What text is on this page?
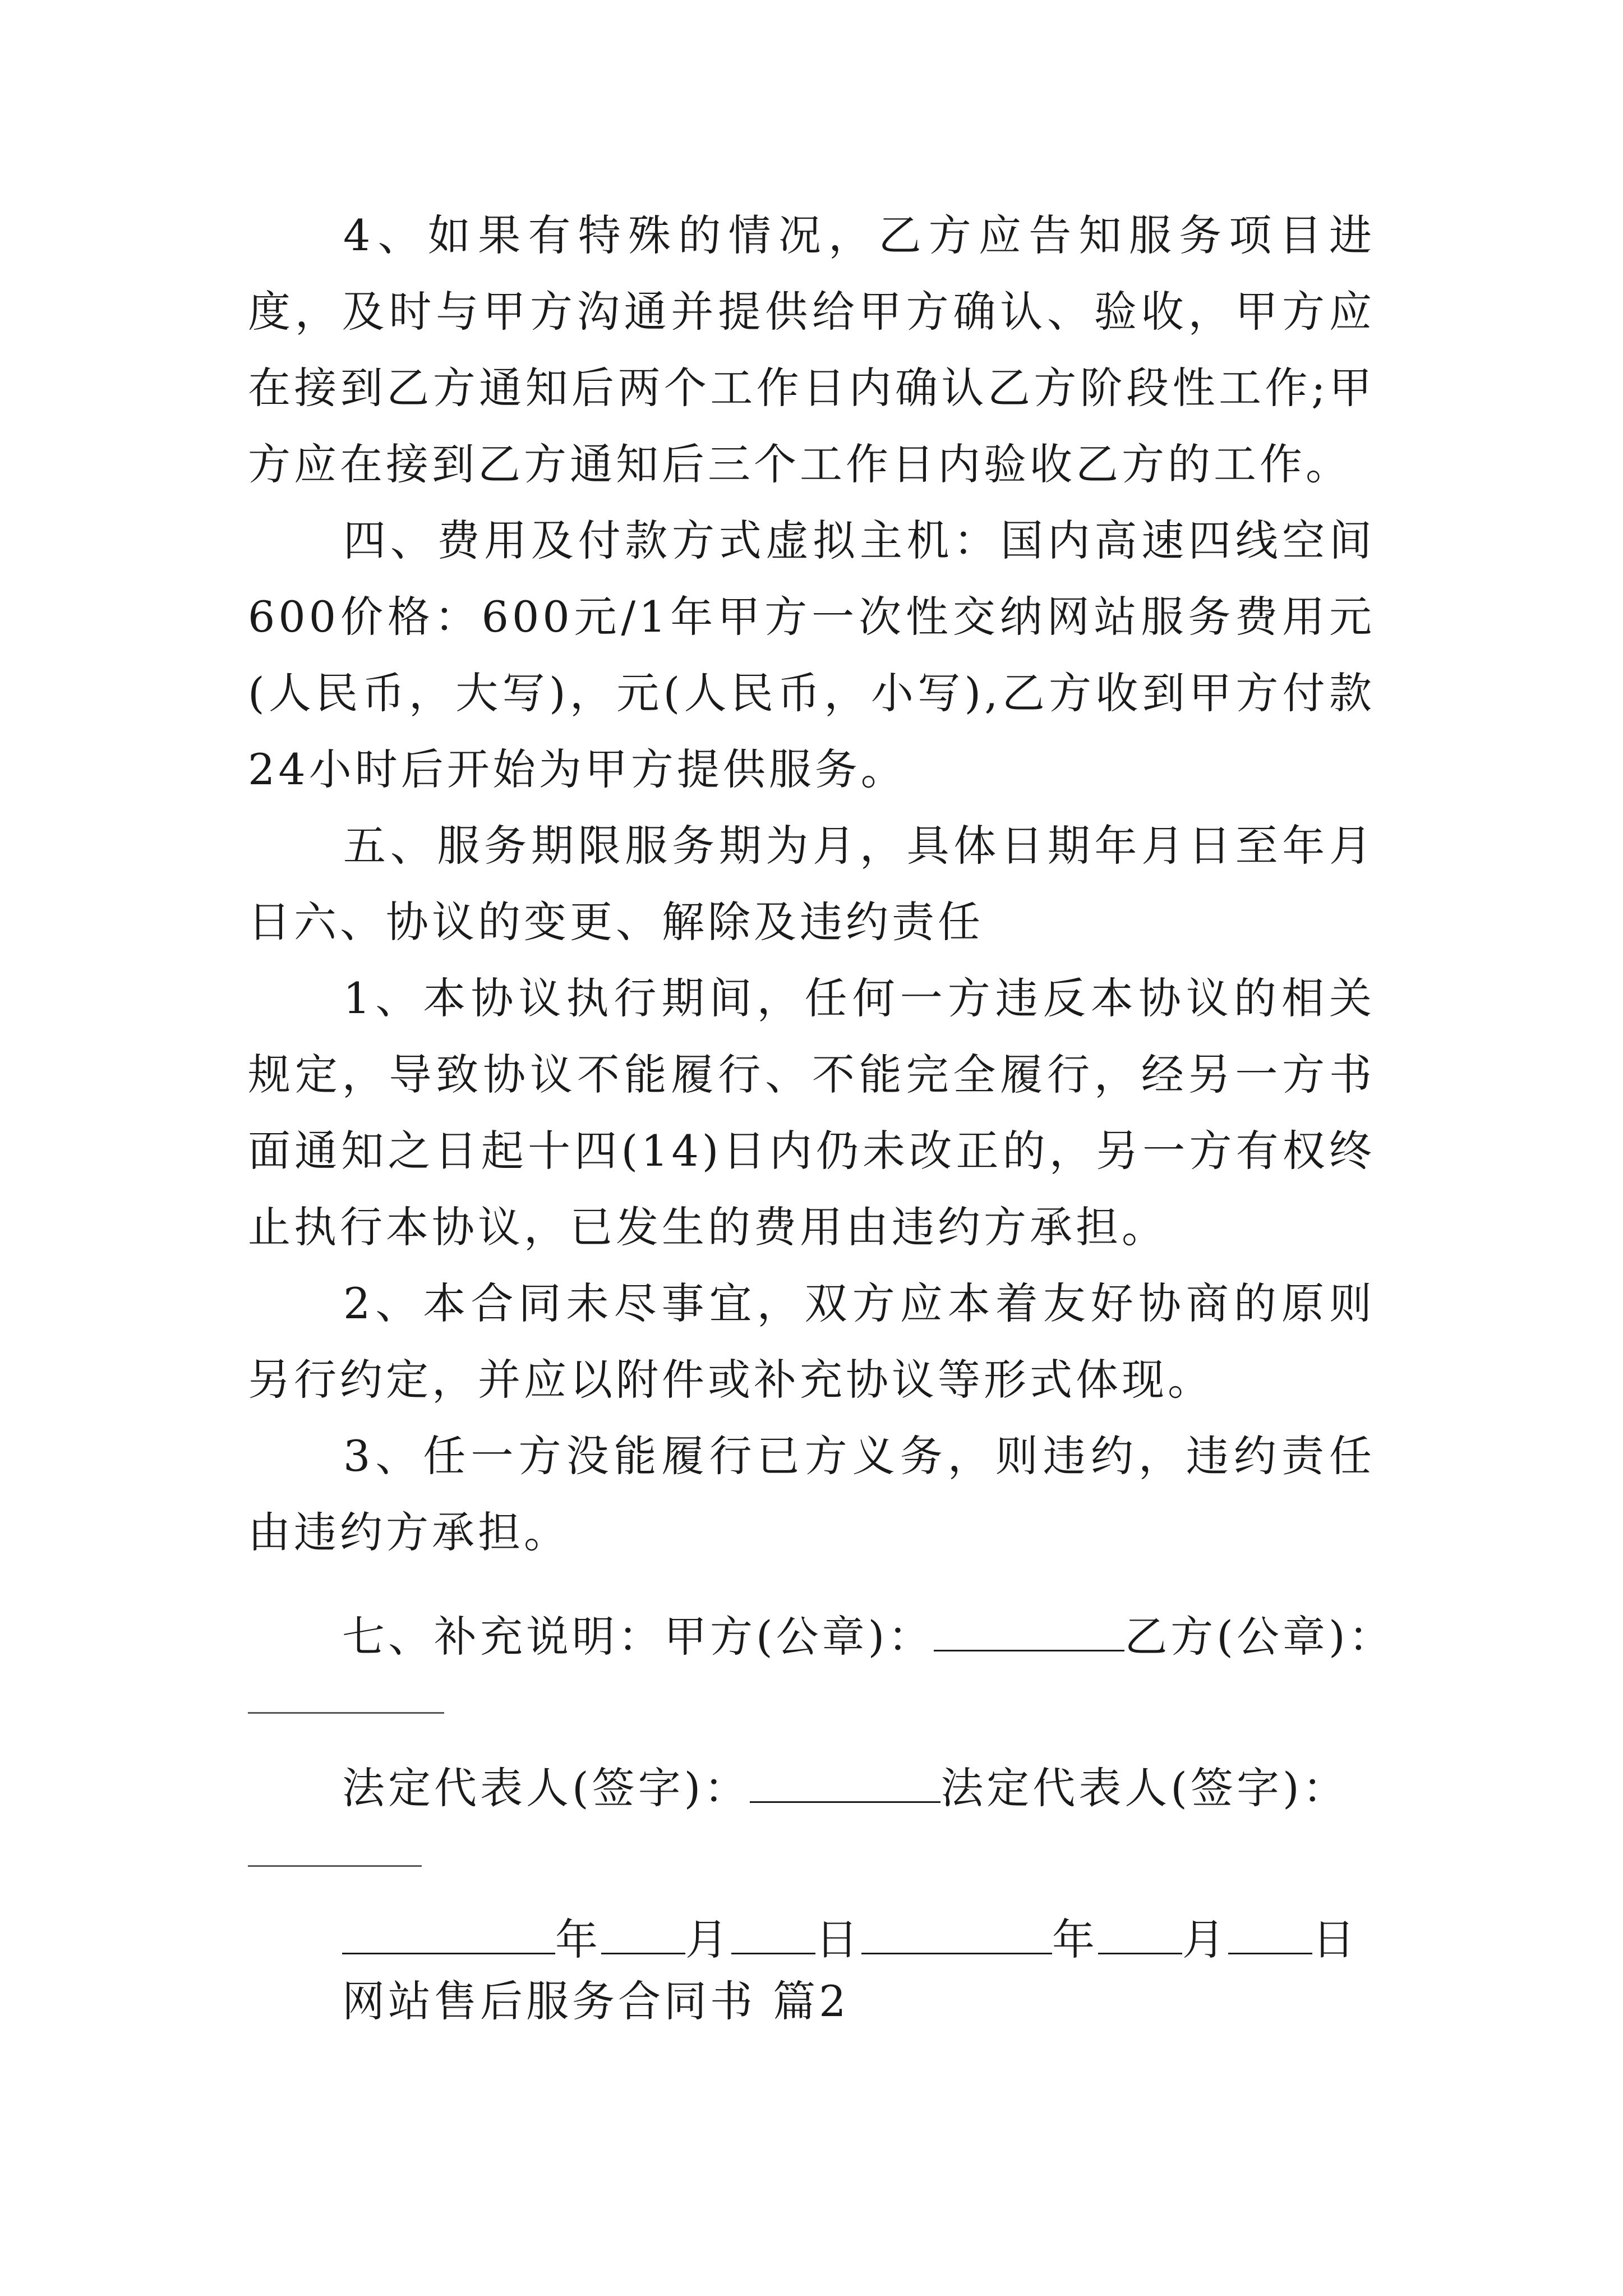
4、如果有特殊的情况，乙方应告知服务项目进度，及时与甲方沟通并提供给甲方确认、验收，甲方应在接到乙方通知后两个工作日内确认乙方阶段性工作;甲方应在接到乙方通知后三个工作日内验收乙方的工作。

四、费用及付款方式虚拟主机：国内高速四线空间600价格：600元/1年甲方一次性交纳网站服务费用元(人民币，大写)，元(人民币，小写),乙方收到甲方付款24小时后开始为甲方提供服务。

五、服务期限服务期为月，具体日期年月日至年月日六、协议的变更、解除及违约责任

1、本协议执行期间，任何一方违反本协议的相关规定，导致协议不能履行、不能完全履行，经另一方书面通知之日起十四(14)日内仍未改正的，另一方有权终止执行本协议，已发生的费用由违约方承担。

2、本合同未尽事宜，双方应本着友好协商的原则另行约定，并应以附件或补充协议等形式体现。

3、任一方没能履行已方义务，则违约，违约责任由违约方承担。

七、补充说明：甲方(公章)：	乙方(公章)：
法定代表人(签字)：	法定代表人(签字)：
年 月 日	年 月 日
网站售后服务合同书 篇2
